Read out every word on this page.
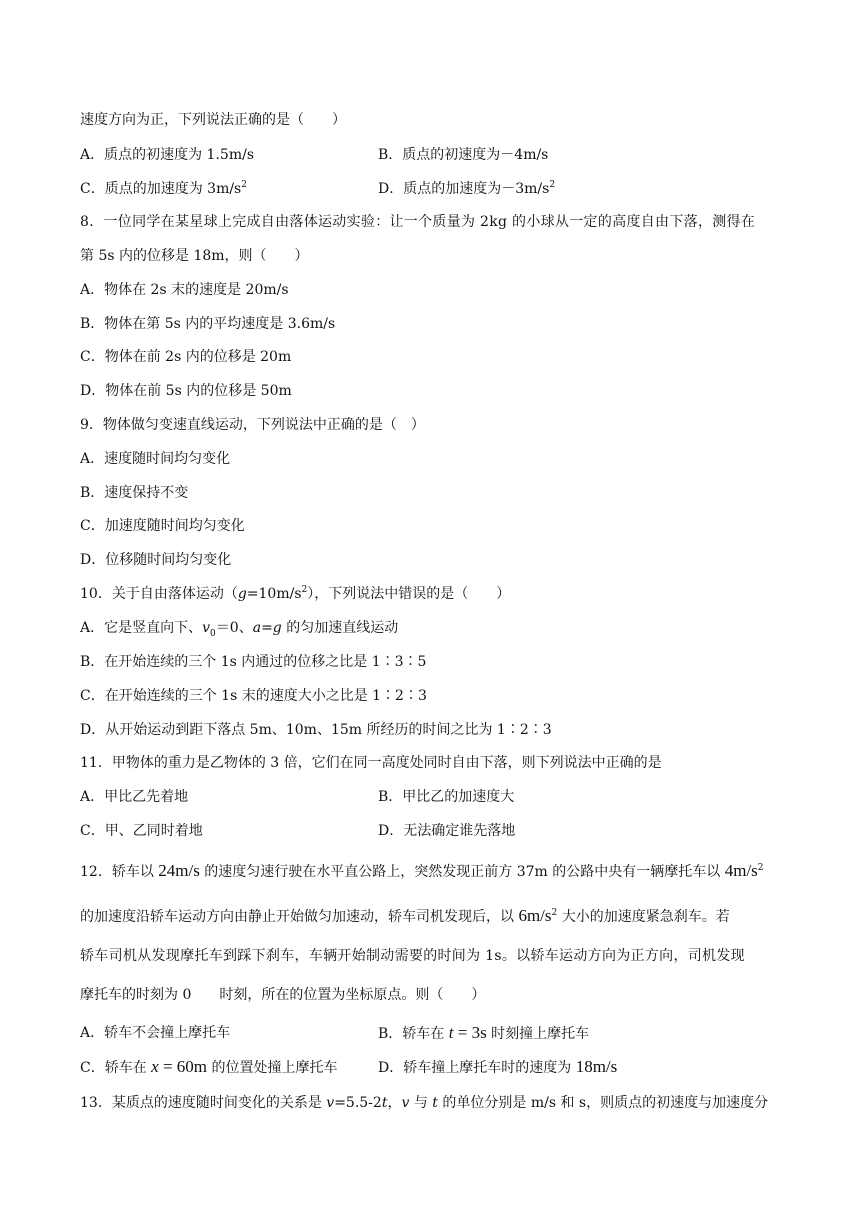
速度方向为正，下列说法正确的是（　　）
A．质点的初速度为 1.5m/s	B．质点的初速度为－4m/s
C．质点的加速度为 $3m/s^2$	D．质点的加速度为$-3m/s^2$
8．一位同学在某星球上完成自由落体运动实验：让一个质量为 2kg 的小球从一定的高度自由下落，测得在
第 5s 内的位移是 18m，则（　　）
A．物体在 2s 末的速度是 20m/s
B．物体在第 5s 内的平均速度是 3.6m/s
C．物体在前 2s 内的位移是 20m
D．物体在前 5s 内的位移是 50m
9．物体做匀变速直线运动，下列说法中正确的是（　）
A．速度随时间均匀变化
B．速度保持不变
C．加速度随时间均匀变化
D．位移随时间均匀变化
10．关于自由落体运动$(g=10m/s^2)$，下列说法中错误的是（　　）
A．它是竖直向下、$v_0=0$、a=g 的匀加速直线运动
B．在开始连续的三个 1s 内通过的位移之比是 1∶3∶5
C．在开始连续的三个 1s 末的速度大小之比是 1∶2∶3
D．从开始运动到距下落点 5m、10m、15m 所经历的时间之比为 1∶2∶3
11．甲物体的重力是乙物体的 3 倍，它们在同一高度处同时自由下落，则下列说法中正确的是
A．甲比乙先着地	B．甲比乙的加速度大
C．甲、乙同时着地	D．无法确定谁先落地
12．轿车以 24m/s 的速度匀速行驶在水平直公路上，突然发现正前方 37m 的公路中央有一辆摩托车以 $4m/s^2$
的加速度沿轿车运动方向由静止开始做匀加速动，轿车司机发现后，以 $6m/s^2$ 大小的加速度紧急刹车。若
轿车司机从发现摩托车到踩下刹车，车辆开始制动需要的时间为 1s。以轿车运动方向为正方向，司机发现
摩托车的时刻为 0　　时刻，所在的位置为坐标原点。则（　　）
A．轿车不会撞上摩托车	B．轿车在 t = 3s 时刻撞上摩托车
C．轿车在 x = 60m 的位置处撞上摩托车	D．轿车撞上摩托车时的速度为 18m/s
13．某质点的速度随时间变化的关系是 v=5.5-2t，v 与 t 的单位分别是 m/s 和 s，则质点的初速度与加速度分
